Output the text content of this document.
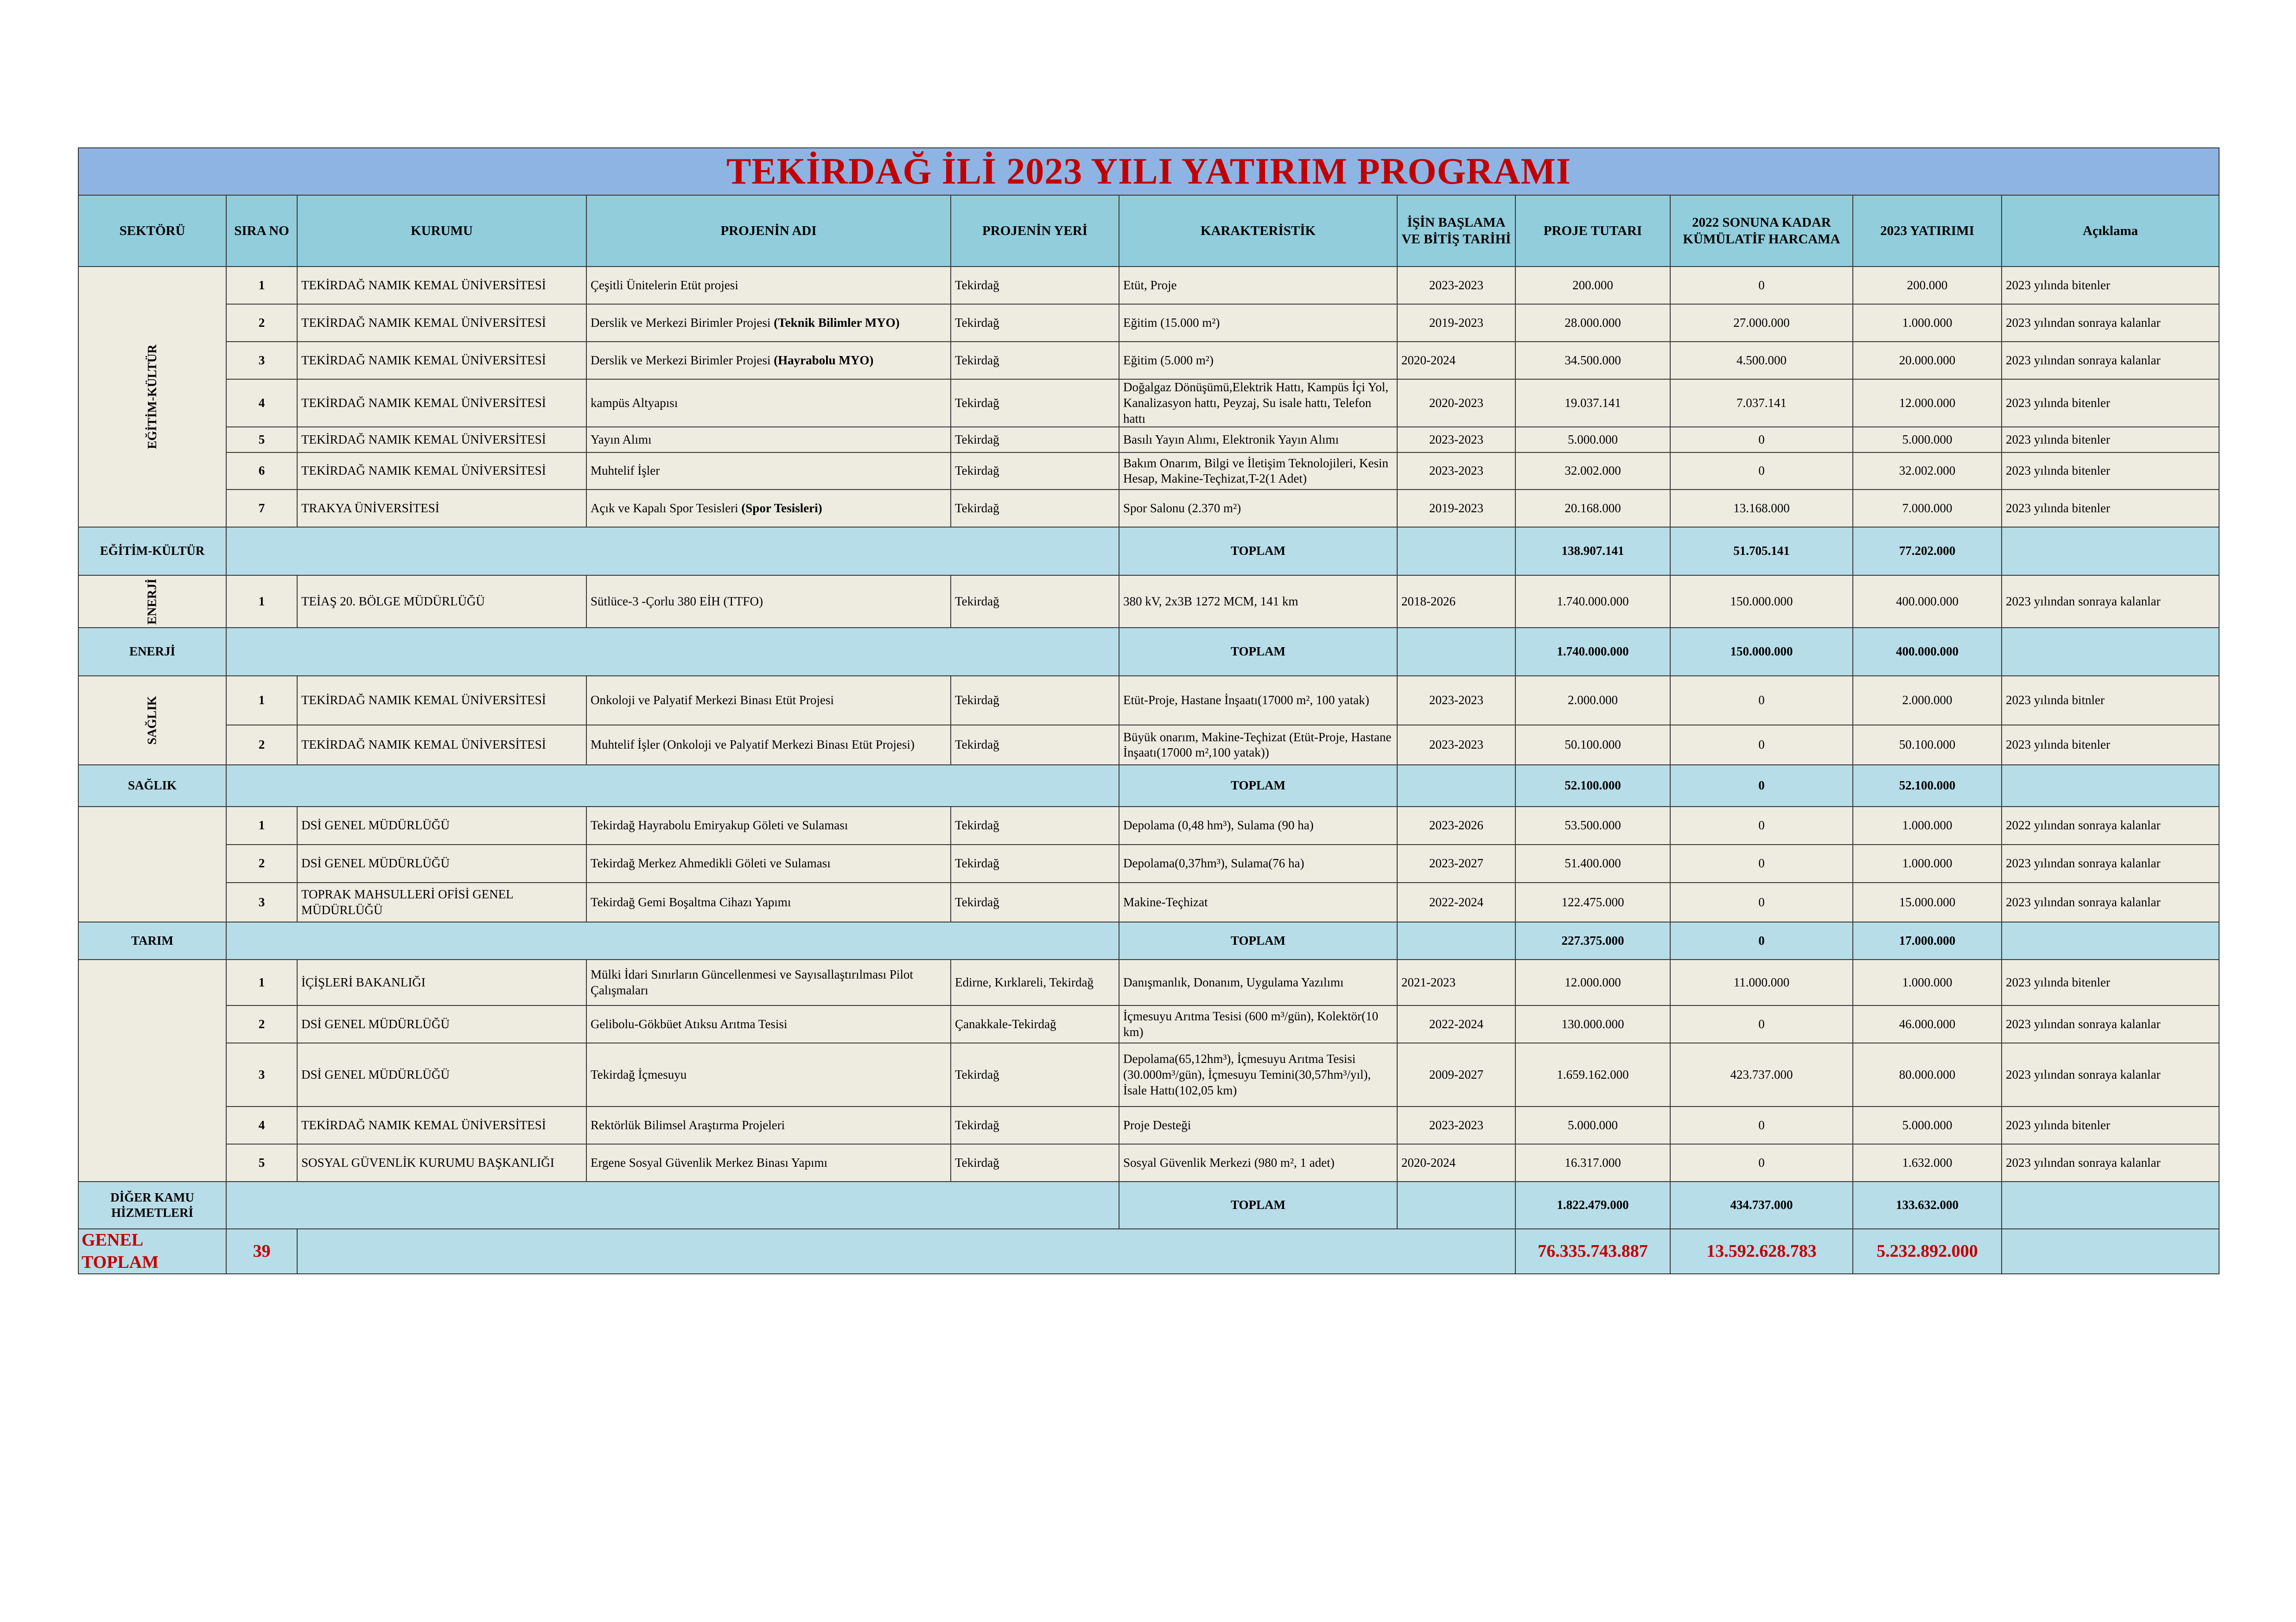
TEKİRDAĞ İLİ 2023 YILI YATIRIM PROGRAMI										
SEKTÖRÜ	SIRA NO	KURUMU	PROJENİN ADI	PROJENİN YERİ	KARAKTERİSTİK	İŞİN BAŞLAMA VE BİTİŞ TARİHİ	PROJE TUTARI	2022 SONUNA KADAR KÜMÜLATİF HARCAMA	2023 YATIRIMI	Açıklama
EĞİTİM-KÜLTÜR	1	TEKİRDAĞ NAMIK KEMAL ÜNİVERSİTESİ	Çeşitli Ünitelerin Etüt projesi	Tekirdağ	Etüt, Proje	2023-2023	200.000	0	200.000	2023 yılında bitenler
	2	TEKİRDAĞ NAMIK KEMAL ÜNİVERSİTESİ	Derslik ve Merkezi Birimler Projesi (Teknik Bilimler MYO)	Tekirdağ	Eğitim (15.000 m²)	2019-2023	28.000.000	27.000.000	1.000.000	2023 yılından sonraya kalanlar
	3	TEKİRDAĞ NAMIK KEMAL ÜNİVERSİTESİ	Derslik ve Merkezi Birimler Projesi (Hayrabolu MYO)	Tekirdağ	Eğitim (5.000 m²)	2020-2024	34.500.000	4.500.000	20.000.000	2023 yılından sonraya kalanlar
	4	TEKİRDAĞ NAMIK KEMAL ÜNİVERSİTESİ	kampüs Altyapısı	Tekirdağ	Doğalgaz Dönüşümü,Elektrik Hattı, Kampüs İçi Yol, Kanalizasyon hattı, Peyzaj, Su isale hattı, Telefon hattı	2020-2023	19.037.141	7.037.141	12.000.000	2023 yılında bitenler
	5	TEKİRDAĞ NAMIK KEMAL ÜNİVERSİTESİ	Yayın Alımı	Tekirdağ	Basılı Yayın Alımı, Elektronik Yayın Alımı	2023-2023	5.000.000	0	5.000.000	2023 yılında bitenler
	6	TEKİRDAĞ NAMIK KEMAL ÜNİVERSİTESİ	Muhtelif İşler	Tekirdağ	Bakım Onarım, Bilgi ve İletişim Teknolojileri, Kesin Hesap, Makine-Teçhizat,T-2(1 Adet)	2023-2023	32.002.000	0	32.002.000	2023 yılında bitenler
	7	TRAKYA ÜNİVERSİTESİ	Açık ve Kapalı Spor Tesisleri (Spor Tesisleri)	Tekirdağ	Spor Salonu (2.370 m²)	2019-2023	20.168.000	13.168.000	7.000.000	2023 yılında bitenler
EĞİTİM-KÜLTÜR					TOPLAM		138.907.141	51.705.141	77.202.000	
ENERJİ	1	TEİAŞ 20. BÖLGE MÜDÜRLÜĞÜ	Sütlüce-3 -Çorlu 380 EİH (TTFO)	Tekirdağ	380 kV, 2x3B 1272 MCM, 141 km	2018-2026	1.740.000.000	150.000.000	400.000.000	2023 yılından sonraya kalanlar
ENERJİ					TOPLAM		1.740.000.000	150.000.000	400.000.000	
SAĞLIK	1	TEKİRDAĞ NAMIK KEMAL ÜNİVERSİTESİ	Onkoloji ve Palyatif Merkezi Binası Etüt Projesi	Tekirdağ	Etüt-Proje, Hastane İnşaatı(17000 m², 100 yatak)	2023-2023	2.000.000	0	2.000.000	2023 yılında bitnler
	2	TEKİRDAĞ NAMIK KEMAL ÜNİVERSİTESİ	Muhtelif İşler (Onkoloji ve Palyatif Merkezi Binası Etüt Projesi)	Tekirdağ	Büyük onarım, Makine-Teçhizat (Etüt-Proje, Hastane İnşaatı(17000 m²,100 yatak))	2023-2023	50.100.000	0	50.100.000	2023 yılında bitenler
SAĞLIK					TOPLAM		52.100.000	0	52.100.000	
	1	DSİ GENEL MÜDÜRLÜĞÜ	Tekirdağ Hayrabolu Emiryakup Göleti ve Sulaması	Tekirdağ	Depolama (0,48 hm³), Sulama (90 ha)	2023-2026	53.500.000	0	1.000.000	2022 yılından sonraya kalanlar
	2	DSİ GENEL MÜDÜRLÜĞÜ	Tekirdağ Merkez Ahmedikli Göleti ve Sulaması	Tekirdağ	Depolama(0,37hm³), Sulama(76 ha)	2023-2027	51.400.000	0	1.000.000	2023 yılından sonraya kalanlar
	3	TOPRAK MAHSULLERİ OFİSİ GENEL MÜDÜRLÜĞÜ	Tekirdağ Gemi Boşaltma Cihazı Yapımı	Tekirdağ	Makine-Teçhizat	2022-2024	122.475.000	0	15.000.000	2023 yılından sonraya kalanlar
TARIM					TOPLAM		227.375.000	0	17.000.000	
	1	İÇİŞLERİ BAKANLIĞI	Mülki İdari Sınırların Güncellenmesi ve Sayısallaştırılması Pilot Çalışmaları	Edirne, Kırklareli, Tekirdağ	Danışmanlık, Donanım, Uygulama Yazılımı	2021-2023	12.000.000	11.000.000	1.000.000	2023 yılında bitenler
	2	DSİ GENEL MÜDÜRLÜĞÜ	Gelibolu-Gökbüet Atıksu Arıtma Tesisi	Çanakkale-Tekirdağ	İçmesuyu Arıtma Tesisi (600 m³/gün), Kolektör(10 km)	2022-2024	130.000.000	0	46.000.000	2023 yılından sonraya kalanlar
	3	DSİ GENEL MÜDÜRLÜĞÜ	Tekirdağ İçmesuyu	Tekirdağ	Depolama(65,12hm³), İçmesuyu Arıtma Tesisi (30.000m³/gün), İçmesuyu Temini(30,57hm³/yıl), İsale Hattı(102,05 km)	2009-2027	1.659.162.000	423.737.000	80.000.000	2023 yılından sonraya kalanlar
	4	TEKİRDAĞ NAMIK KEMAL ÜNİVERSİTESİ	Rektörlük Bilimsel Araştırma Projeleri	Tekirdağ	Proje Desteği	2023-2023	5.000.000	0	5.000.000	2023 yılında bitenler
	5	SOSYAL GÜVENLİK KURUMU BAŞKANLIĞI	Ergene Sosyal Güvenlik Merkez Binası Yapımı	Tekirdağ	Sosyal Güvenlik Merkezi (980 m², 1 adet)	2020-2024	16.317.000	0	1.632.000	2023 yılından sonraya kalanlar
DİĞER KAMU HİZMETLERİ					TOPLAM		1.822.479.000	434.737.000	133.632.000	
GENEL TOPLAM	39						76.335.743.887	13.592.628.783	5.232.892.000	
